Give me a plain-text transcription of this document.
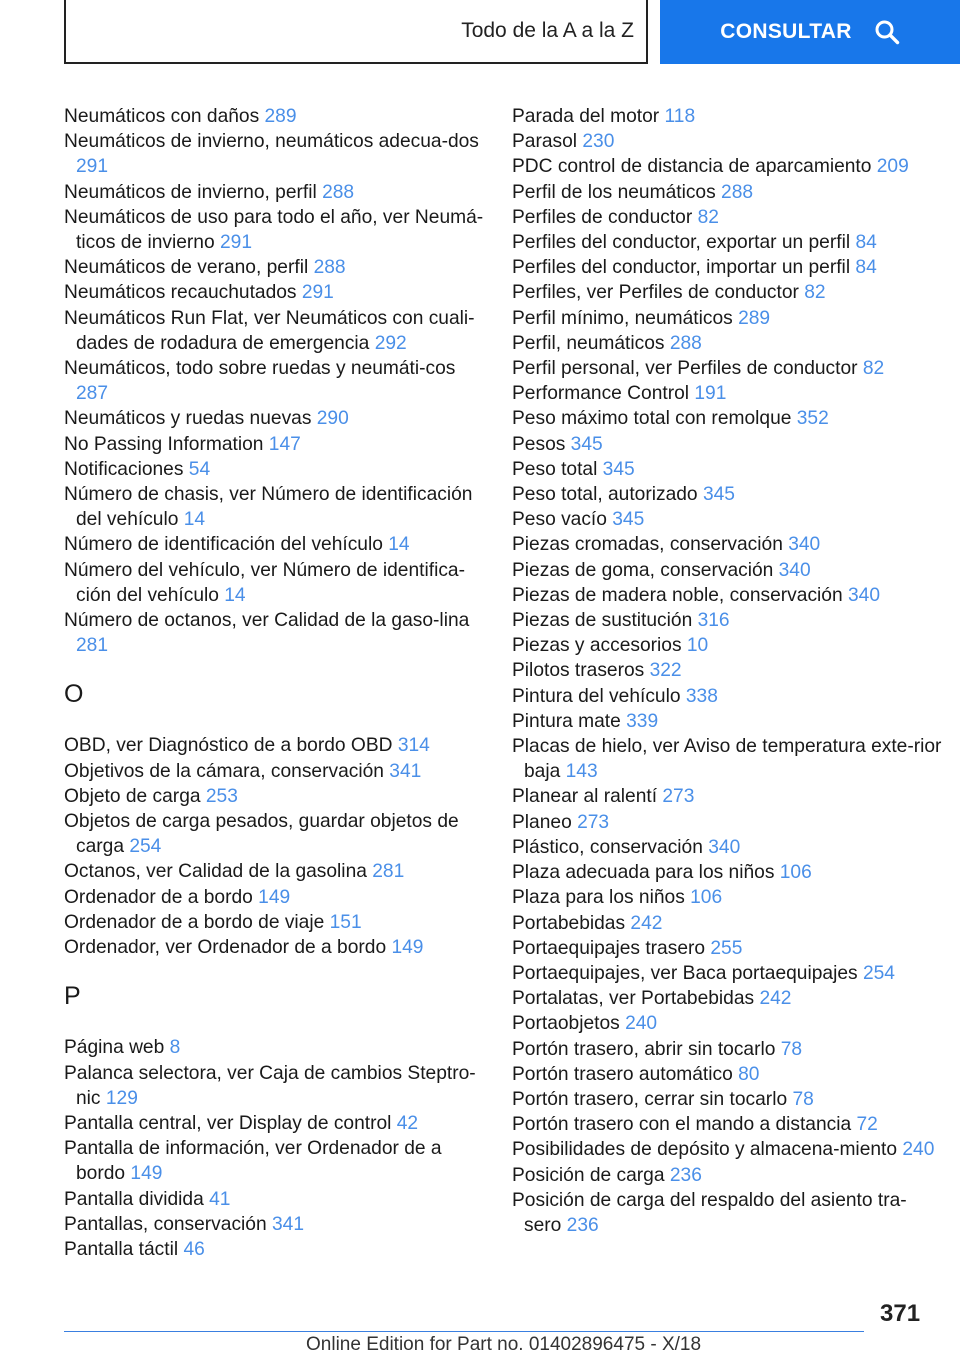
Todo de la A a la Z	CONSULTAR

Neumáticos con daños 289

Neumáticos de invierno, neumáticos adecua‐dos 291

Neumáticos de invierno, perfil 288

Neumáticos de uso para todo el año, ver Neumá‐ticos de invierno 291

Neumáticos de verano, perfil 288

Neumáticos recauchutados 291

Neumáticos Run Flat, ver Neumáticos con cuali‐dades de rodadura de emergencia 292

Neumáticos, todo sobre ruedas y neumáti‐cos 287

Neumáticos y ruedas nuevas 290

No Passing Information 147

Notificaciones 54

Número de chasis, ver Número de identificación del vehículo 14

Número de identificación del vehículo 14

Número del vehículo, ver Número de identifica‐ción del vehículo 14

Número de octanos, ver Calidad de la gaso‐lina 281

O

OBD, ver Diagnóstico de a bordo OBD 314

Objetivos de la cámara, conservación 341

Objeto de carga 253

Objetos de carga pesados, guardar objetos de carga 254

Octanos, ver Calidad de la gasolina 281

Ordenador de a bordo 149

Ordenador de a bordo de viaje 151

Ordenador, ver Ordenador de a bordo 149

P

Página web 8

Palanca selectora, ver Caja de cambios Steptro‐nic 129

Pantalla central, ver Display de control 42

Pantalla de información, ver Ordenador de a bordo 149

Pantalla dividida 41

Pantallas, conservación 341

Pantalla táctil 46

Parada del motor 118

Parasol 230

PDC control de distancia de aparcamiento 209

Perfil de los neumáticos 288

Perfiles de conductor 82

Perfiles del conductor, exportar un perfil 84

Perfiles del conductor, importar un perfil 84

Perfiles, ver Perfiles de conductor 82

Perfil mínimo, neumáticos 289

Perfil, neumáticos 288

Perfil personal, ver Perfiles de conductor 82

Performance Control 191

Peso máximo total con remolque 352

Pesos 345

Peso total 345

Peso total, autorizado 345

Peso vacío 345

Piezas cromadas, conservación 340

Piezas de goma, conservación 340

Piezas de madera noble, conservación 340

Piezas de sustitución 316

Piezas y accesorios 10

Pilotos traseros 322

Pintura del vehículo 338

Pintura mate 339

Placas de hielo, ver Aviso de temperatura exte‐rior baja 143

Planear al ralentí 273

Planeo 273

Plástico, conservación 340

Plaza adecuada para los niños 106

Plaza para los niños 106

Portabebidas 242

Portaequipajes trasero 255

Portaequipajes, ver Baca portaequipajes 254

Portalatas, ver Portabebidas 242

Portaobjetos 240

Portón trasero, abrir sin tocarlo 78

Portón trasero automático 80

Portón trasero, cerrar sin tocarlo 78

Portón trasero con el mando a distancia 72

Posibilidades de depósito y almacena‐miento 240

Posición de carga 236

Posición de carga del respaldo del asiento tra‐sero 236

371
Online Edition for Part no. 01402896475 - X/18
